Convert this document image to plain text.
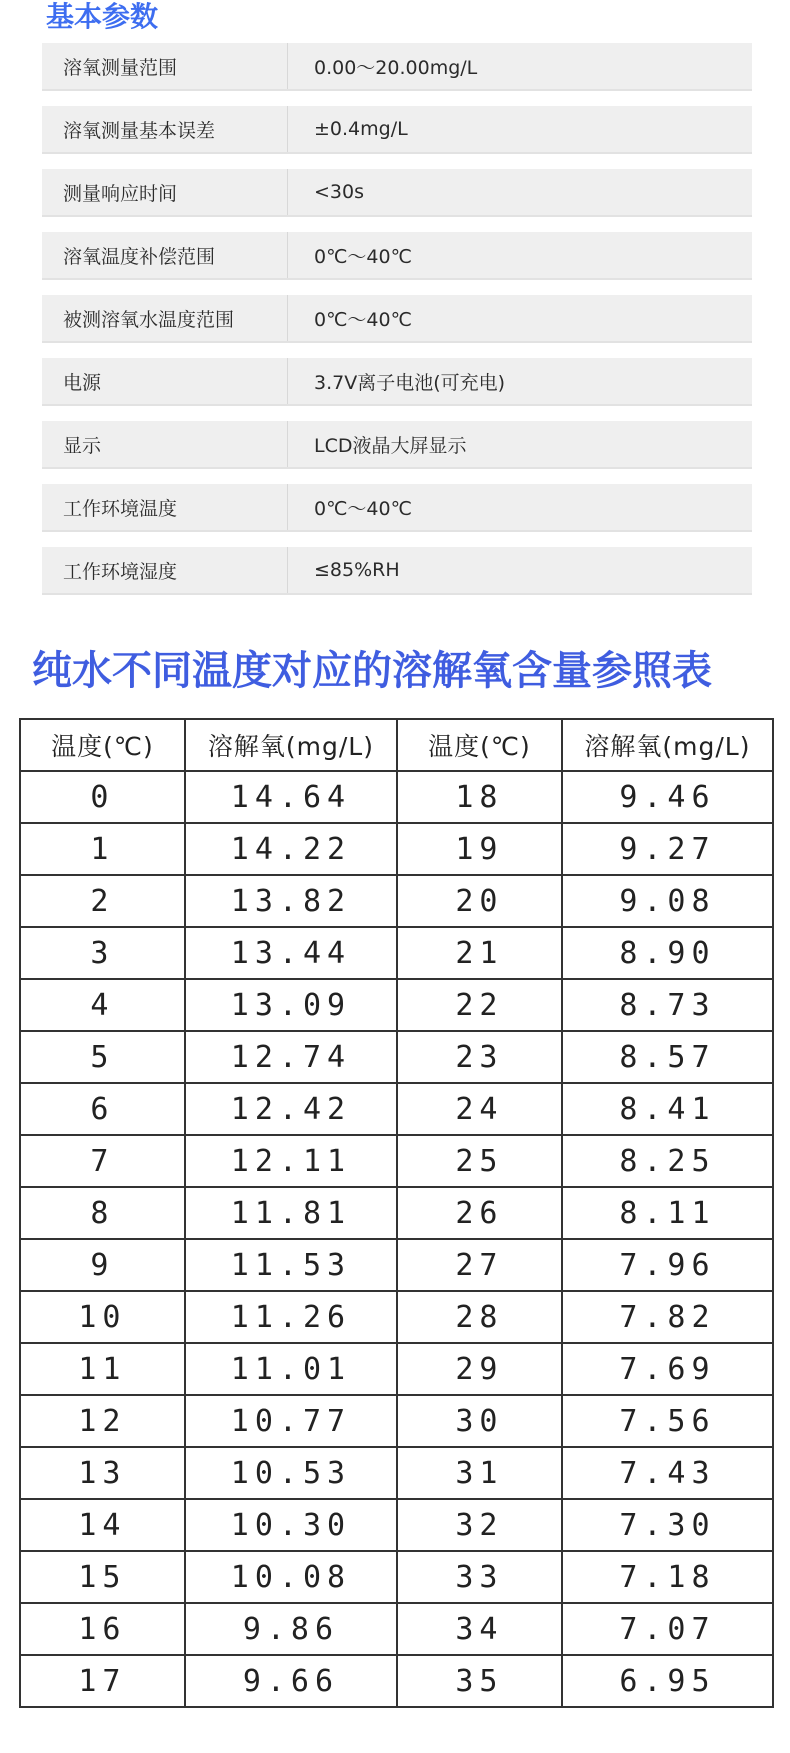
基本参数
溶氧测量范围	0.00～20.00mg/L
溶氧测量基本误差	±0.4mg/L
测量响应时间	<30s
溶氧温度补偿范围	0℃～40℃
被测溶氧水温度范围	0℃～40℃
电源	3.7V离子电池(可充电)
显示	LCD液晶大屏显示
工作环境温度	0℃～40℃
工作环境湿度	≤85%RH
纯水不同温度对应的溶解氧含量参照表
温度(℃)	溶解氧(mg/L)	温度(℃)	溶解氧(mg/L)
0	14.64	18	9.46
1	14.22	19	9.27
2	13.82	20	9.08
3	13.44	21	8.90
4	13.09	22	8.73
5	12.74	23	8.57
6	12.42	24	8.41
7	12.11	25	8.25
8	11.81	26	8.11
9	11.53	27	7.96
10	11.26	28	7.82
11	11.01	29	7.69
12	10.77	30	7.56
13	10.53	31	7.43
14	10.30	32	7.30
15	10.08	33	7.18
16	9.86	34	7.07
17	9.66	35	6.95
